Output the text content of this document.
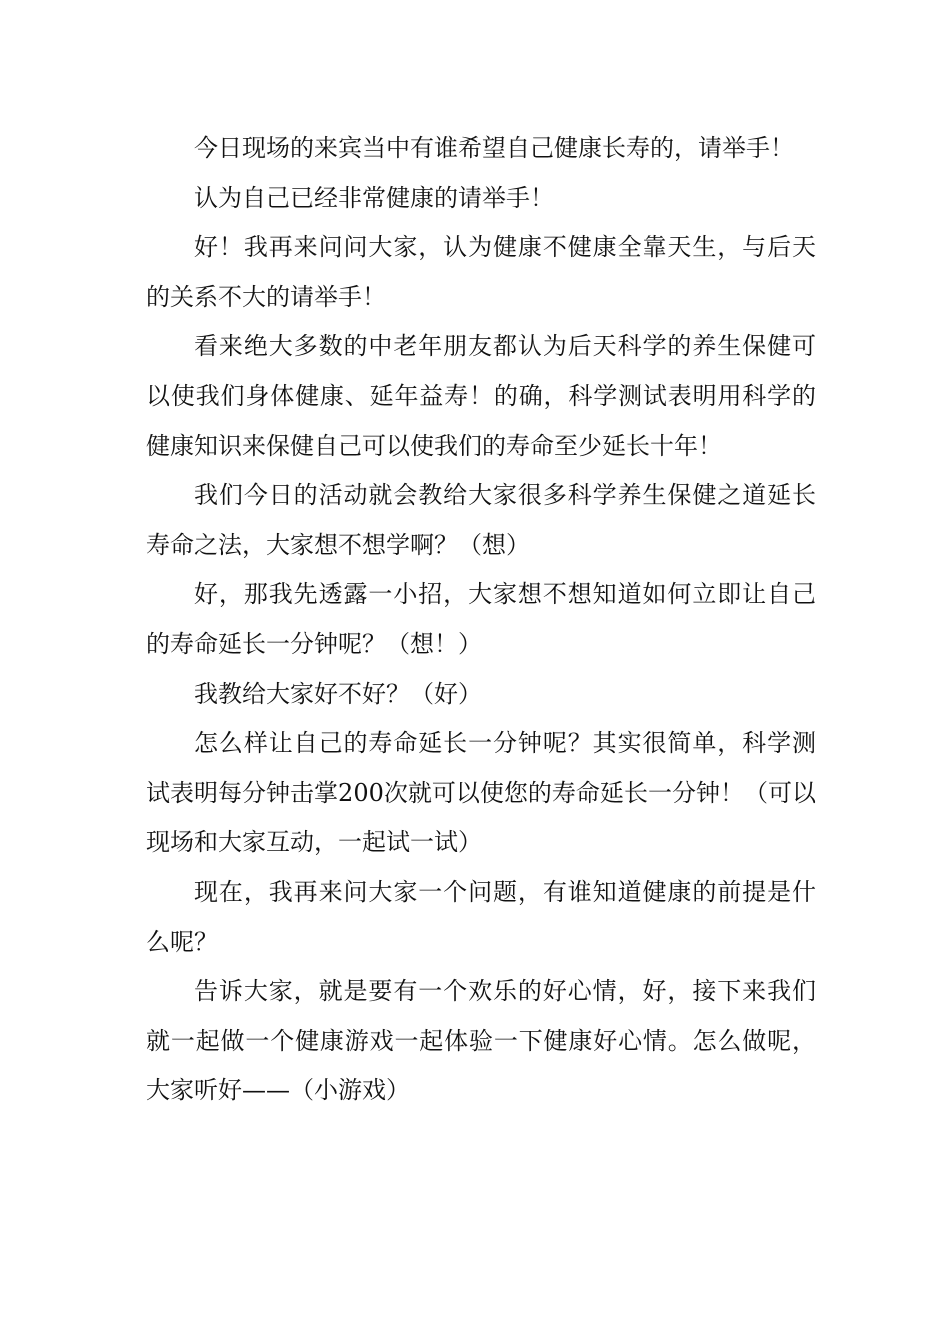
今日现场的来宾当中有谁希望自己健康长寿的，请举手！

认为自己已经非常健康的请举手！

好！我再来问问大家，认为健康不健康全靠天生，与后天的关系不大的请举手！

看来绝大多数的中老年朋友都认为后天科学的养生保健可以使我们身体健康、延年益寿！的确，科学测试表明用科学的健康知识来保健自己可以使我们的寿命至少延长十年！

我们今日的活动就会教给大家很多科学养生保健之道延长寿命之法，大家想不想学啊？（想）

好，那我先透露一小招，大家想不想知道如何立即让自己的寿命延长一分钟呢？（想！）

我教给大家好不好？（好）

怎么样让自己的寿命延长一分钟呢？其实很简单，科学测试表明每分钟击掌200次就可以使您的寿命延长一分钟！（可以现场和大家互动，一起试一试）

现在，我再来问大家一个问题，有谁知道健康的前提是什么呢？

告诉大家，就是要有一个欢乐的好心情，好，接下来我们就一起做一个健康游戏一起体验一下健康好心情。怎么做呢，大家听好——（小游戏）
